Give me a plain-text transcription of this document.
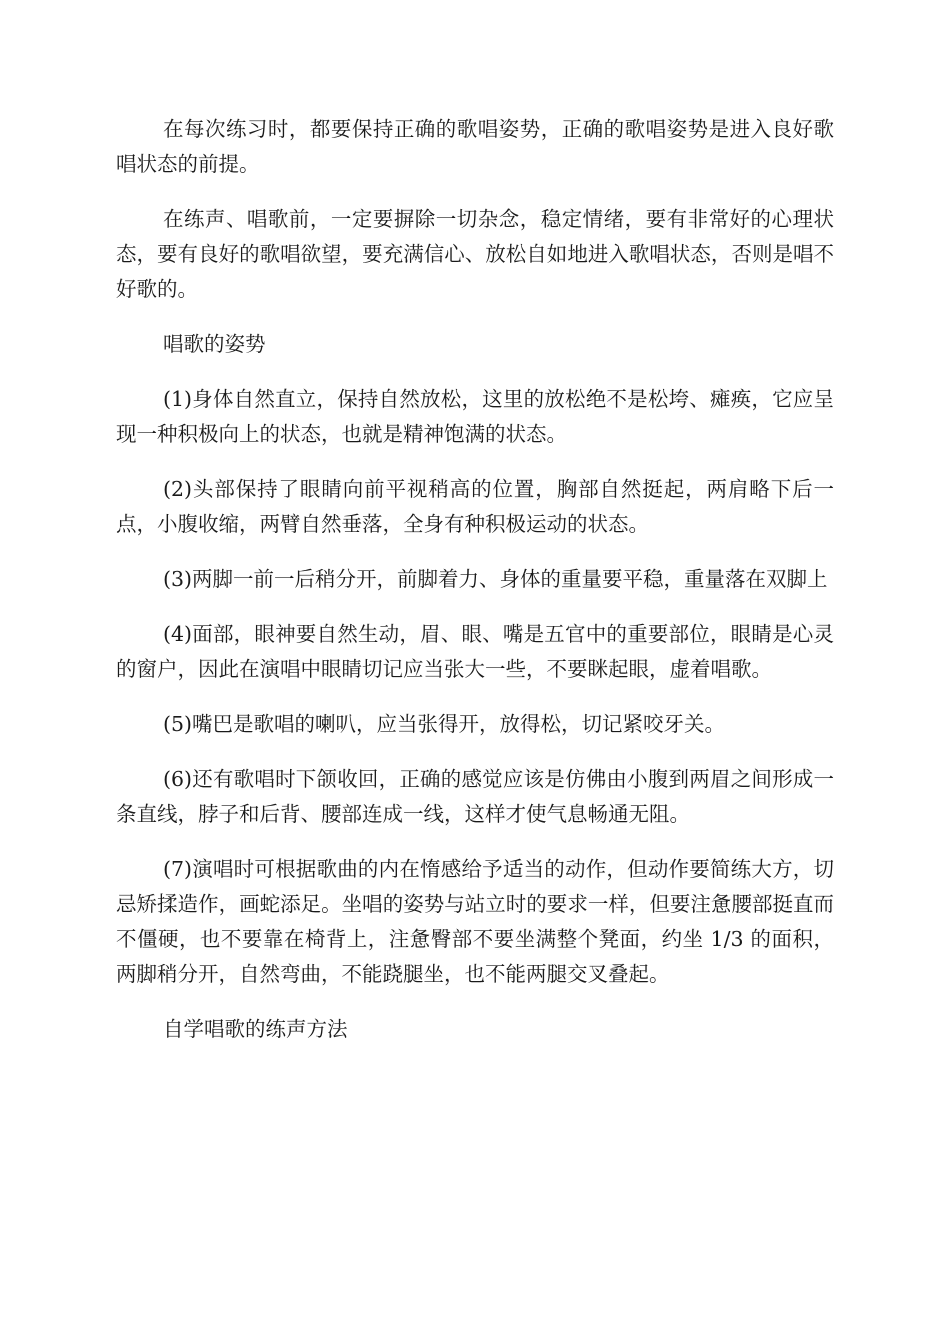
在每次练习时，都要保持正确的歌唱姿势，正确的歌唱姿势是进入良好歌唱状态的前提。

在练声、唱歌前，一定要摒除一切杂念，稳定情绪，要有非常好的心理状态，要有良好的歌唱欲望，要充满信心、放松自如地进入歌唱状态，否则是唱不好歌的。

唱歌的姿势

(1)身体自然直立，保持自然放松，这里的放松绝不是松垮、瘫痪，它应呈现一种积极向上的状态，也就是精神饱满的状态。

(2)头部保持了眼睛向前平视稍高的位置，胸部自然挺起，两肩略下后一点，小腹收缩，两臂自然垂落，全身有种积极运动的状态。

(3)两脚一前一后稍分开，前脚着力、身体的重量要平稳，重量落在双脚上

(4)面部，眼神要自然生动，眉、眼、嘴是五官中的重要部位，眼睛是心灵的窗户，因此在演唱中眼睛切记应当张大一些，不要眯起眼，虚着唱歌。

(5)嘴巴是歌唱的喇叭，应当张得开，放得松，切记紧咬牙关。

(6)还有歌唱时下颌收回，正确的感觉应该是仿佛由小腹到两眉之间形成一条直线，脖子和后背、腰部连成一线，这样才使气息畅通无阻。

(7)演唱时可根据歌曲的内在惰感给予适当的动作，但动作要简练大方，切忌矫揉造作，画蛇添足。坐唱的姿势与站立时的要求一样，但要注惫腰部挺直而不僵硬，也不要靠在椅背上，注惫臀部不要坐满整个凳面，约坐 1/3 的面积，两脚稍分开，自然弯曲，不能跷腿坐，也不能两腿交叉叠起。

自学唱歌的练声方法
